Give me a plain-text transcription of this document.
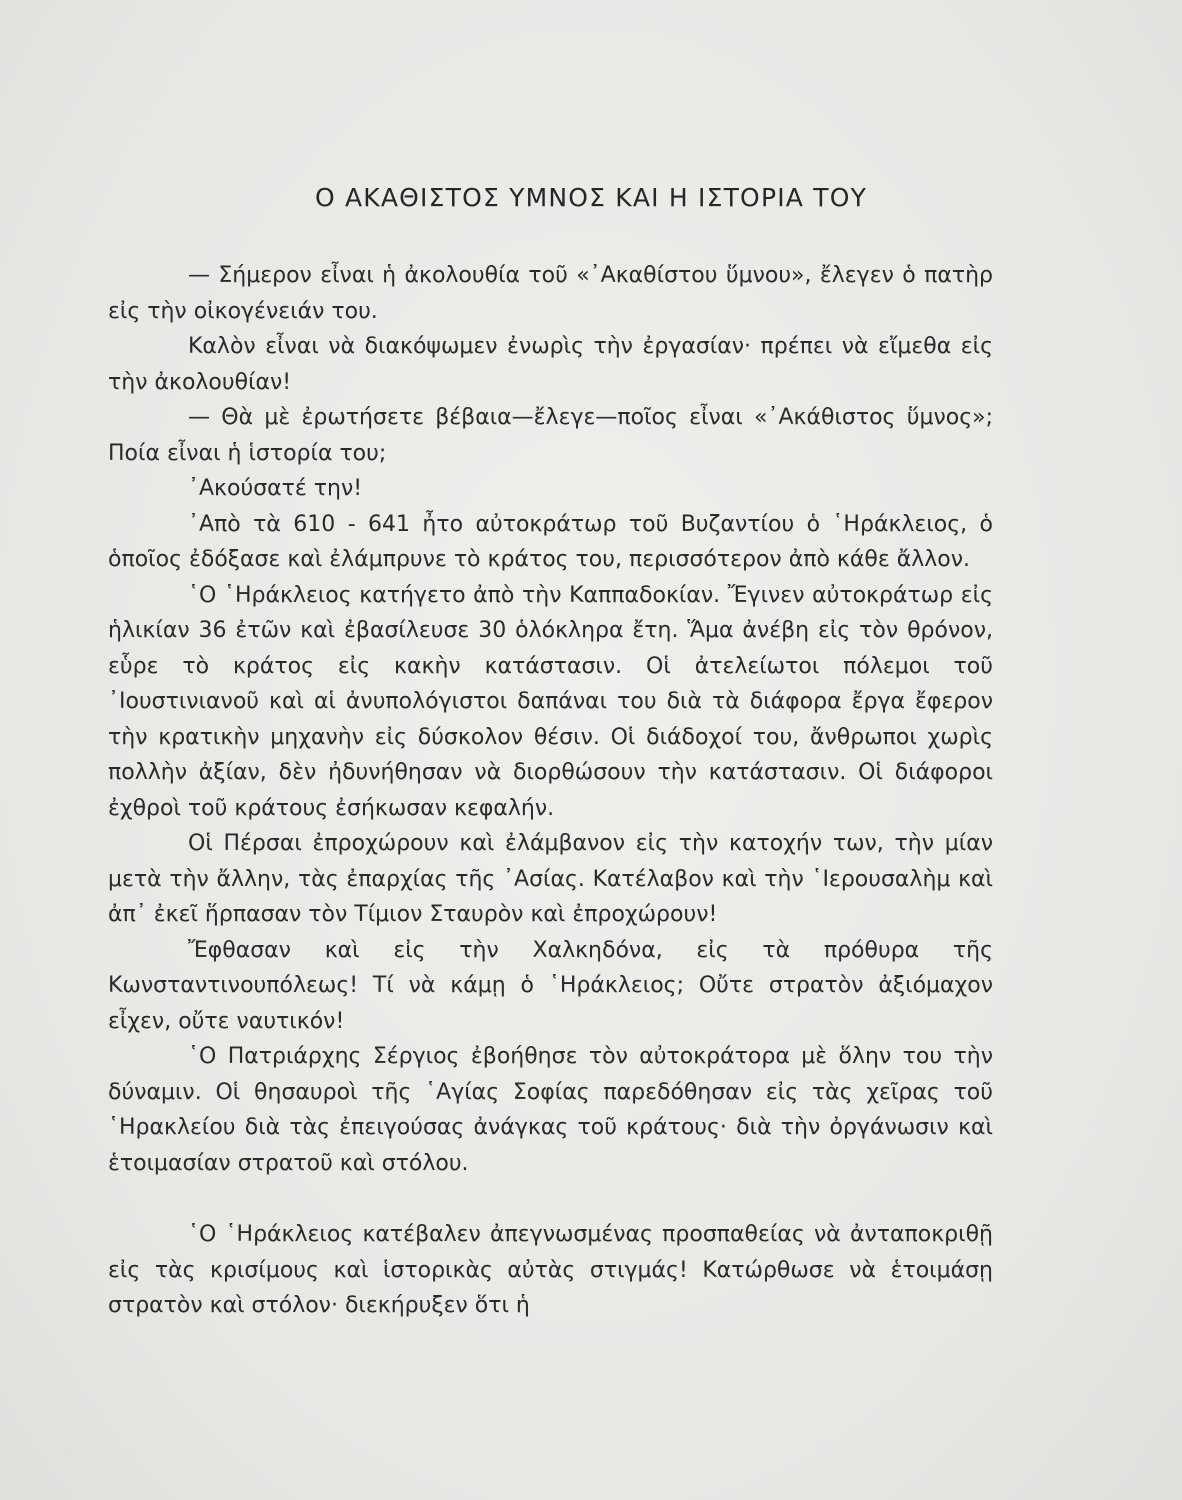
Ο ΑΚΑΘΙΣΤΟΣ ΥΜΝΟΣ ΚΑΙ Η ΙΣΤΟΡΙΑ ΤΟΥ

— Σήμερον εἶναι ἡ ἀκολουθία τοῦ «᾿Ακαθίστου ὕμνου», ἔλεγεν ὁ πατὴρ εἰς τὴν οἰκογένειάν του.

Καλὸν εἶναι νὰ διακόψωμεν ἐνωρὶς τὴν ἐργασίαν· πρέπει νὰ εἴμεθα εἰς τὴν ἀκολουθίαν!

— Θὰ μὲ ἐρωτήσετε βέβαια—ἔλεγε—ποῖος εἶναι «᾿Ακάθιστος ὕμνος»; Ποία εἶναι ἡ ἱστορία του;

᾿Ακούσατέ την!

᾿Απὸ τὰ 610 - 641 ἦτο αὐτοκράτωρ τοῦ Βυζαντίου ὁ ῾Ηράκλειος, ὁ ὁποῖος ἐδόξασε καὶ ἐλάμπρυνε τὸ κράτος του, περισσότερον ἀπὸ κάθε ἄλλον.

῾Ο ῾Ηράκλειος κατήγετο ἀπὸ τὴν Καππαδοκίαν. Ἔγινεν αὐτοκράτωρ εἰς ἡλικίαν 36 ἐτῶν καὶ ἐβασίλευσε 30 ὁλόκληρα ἔτη. Ἅμα ἀνέβη εἰς τὸν θρόνον, εὗρε τὸ κράτος εἰς κακὴν κατάστασιν. Οἱ ἀτελείωτοι πόλεμοι τοῦ ᾿Ιουστινιανοῦ καὶ αἱ ἀνυπολόγιστοι δαπάναι του διὰ τὰ διάφορα ἔργα ἔφερον τὴν κρατικὴν μηχανὴν εἰς δύσκολον θέσιν. Οἱ διάδοχοί του, ἄνθρωποι χωρὶς πολλὴν ἀξίαν, δὲν ἠδυνήθησαν νὰ διορθώσουν τὴν κατάστασιν. Οἱ διάφοροι ἐχθροὶ τοῦ κράτους ἐσήκωσαν κεφαλήν.

Οἱ Πέρσαι ἐπροχώρουν καὶ ἐλάμβανον εἰς τὴν κατοχήν των, τὴν μίαν μετὰ τὴν ἄλλην, τὰς ἐπαρχίας τῆς ᾿Ασίας. Κατέλαβον καὶ τὴν ῾Ιερουσαλὴμ καὶ ἀπ᾿ ἐκεῖ ἥρπασαν τὸν Τίμιον Σταυρὸν καὶ ἐπροχώρουν!

Ἔφθασαν καὶ εἰς τὴν Χαλκηδόνα, εἰς τὰ πρόθυρα τῆς Κωνσταντινουπόλεως! Τί νὰ κάμῃ ὁ ῾Ηράκλειος; Οὔτε στρατὸν ἀξιόμαχον εἶχεν, οὔτε ναυτικόν!

῾Ο Πατριάρχης Σέργιος ἐβοήθησε τὸν αὐτοκράτορα μὲ ὅλην του τὴν δύναμιν. Οἱ θησαυροὶ τῆς ῾Αγίας Σοφίας παρεδόθησαν εἰς τὰς χεῖρας τοῦ ῾Ηρακλείου διὰ τὰς ἐπειγούσας ἀνάγκας τοῦ κράτους· διὰ τὴν ὀργάνωσιν καὶ ἑτοιμασίαν στρατοῦ καὶ στόλου.

῾Ο ῾Ηράκλειος κατέβαλεν ἀπεγνωσμένας προσπαθείας νὰ ἀνταποκριθῇ εἰς τὰς κρισίμους καὶ ἱστορικὰς αὐτὰς στιγμάς! Κατώρθωσε νὰ ἑτοιμάσῃ στρατὸν καὶ στόλον· διεκήρυξεν ὅτι ἡ
